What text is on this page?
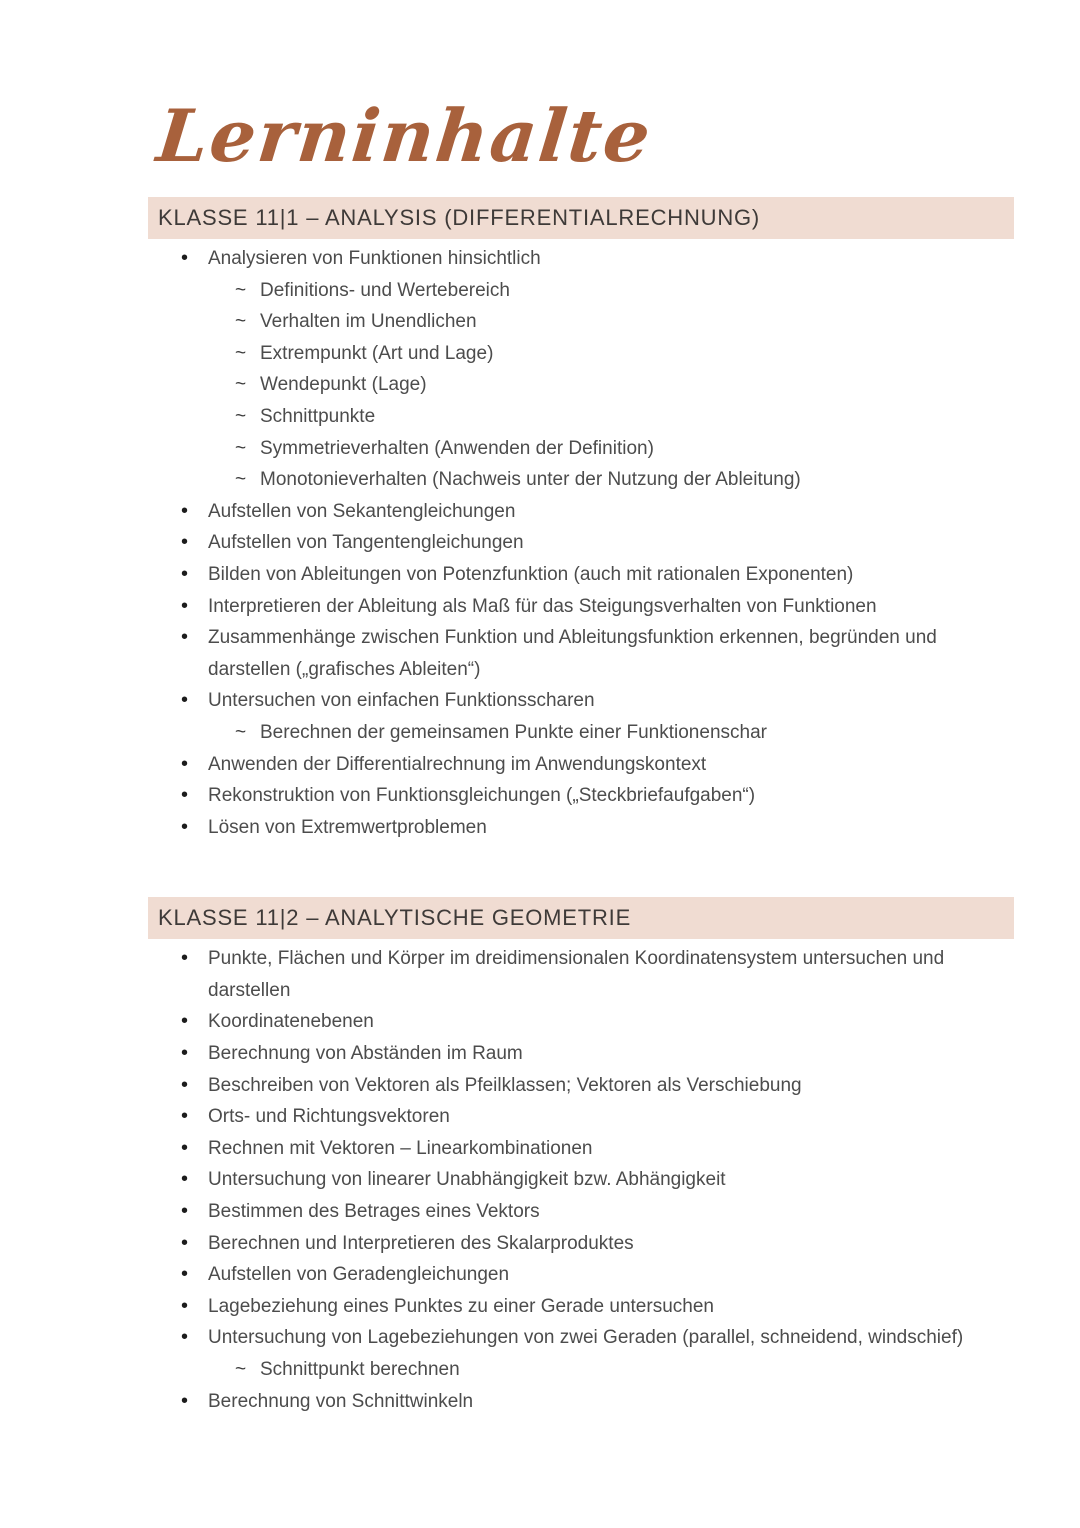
Lerninhalte
KLASSE 11|1 – ANALYSIS (DIFFERENTIALRECHNUNG)
•	Analysieren von Funktionen hinsichtlich
~ Definitions- und Wertebereich
~ Verhalten im Unendlichen
~ Extrempunkt (Art und Lage)
~ Wendepunkt (Lage)
~ Schnittpunkte
~ Symmetrieverhalten (Anwenden der Definition)
~ Monotonieverhalten (Nachweis unter der Nutzung der Ableitung)
•	Aufstellen von Sekantengleichungen
•	Aufstellen von Tangentengleichungen
•	Bilden von Ableitungen von Potenzfunktion (auch mit rationalen Exponenten)
•	Interpretieren der Ableitung als Maß für das Steigungsverhalten von Funktionen
•	Zusammenhänge zwischen Funktion und Ableitungsfunktion erkennen, begründen und darstellen („grafisches Ableiten“)
•	Untersuchen von einfachen Funktionsscharen
~ Berechnen der gemeinsamen Punkte einer Funktionenschar
•	Anwenden der Differentialrechnung im Anwendungskontext
•	Rekonstruktion von Funktionsgleichungen („Steckbriefaufgaben“)
•	Lösen von Extremwertproblemen
KLASSE 11|2 – ANALYTISCHE GEOMETRIE
•	Punkte, Flächen und Körper im dreidimensionalen Koordinatensystem untersuchen und darstellen
•	Koordinatenebenen
•	Berechnung von Abständen im Raum
•	Beschreiben von Vektoren als Pfeilklassen; Vektoren als Verschiebung
•	Orts- und Richtungsvektoren
•	Rechnen mit Vektoren – Linearkombinationen
•	Untersuchung von linearer Unabhängigkeit bzw. Abhängigkeit
•	Bestimmen des Betrages eines Vektors
•	Berechnen und Interpretieren des Skalarproduktes
•	Aufstellen von Geradengleichungen
•	Lagebeziehung eines Punktes zu einer Gerade untersuchen
•	Untersuchung von Lagebeziehungen von zwei Geraden (parallel, schneidend, windschief)
~ Schnittpunkt berechnen
•	Berechnung von Schnittwinkeln
